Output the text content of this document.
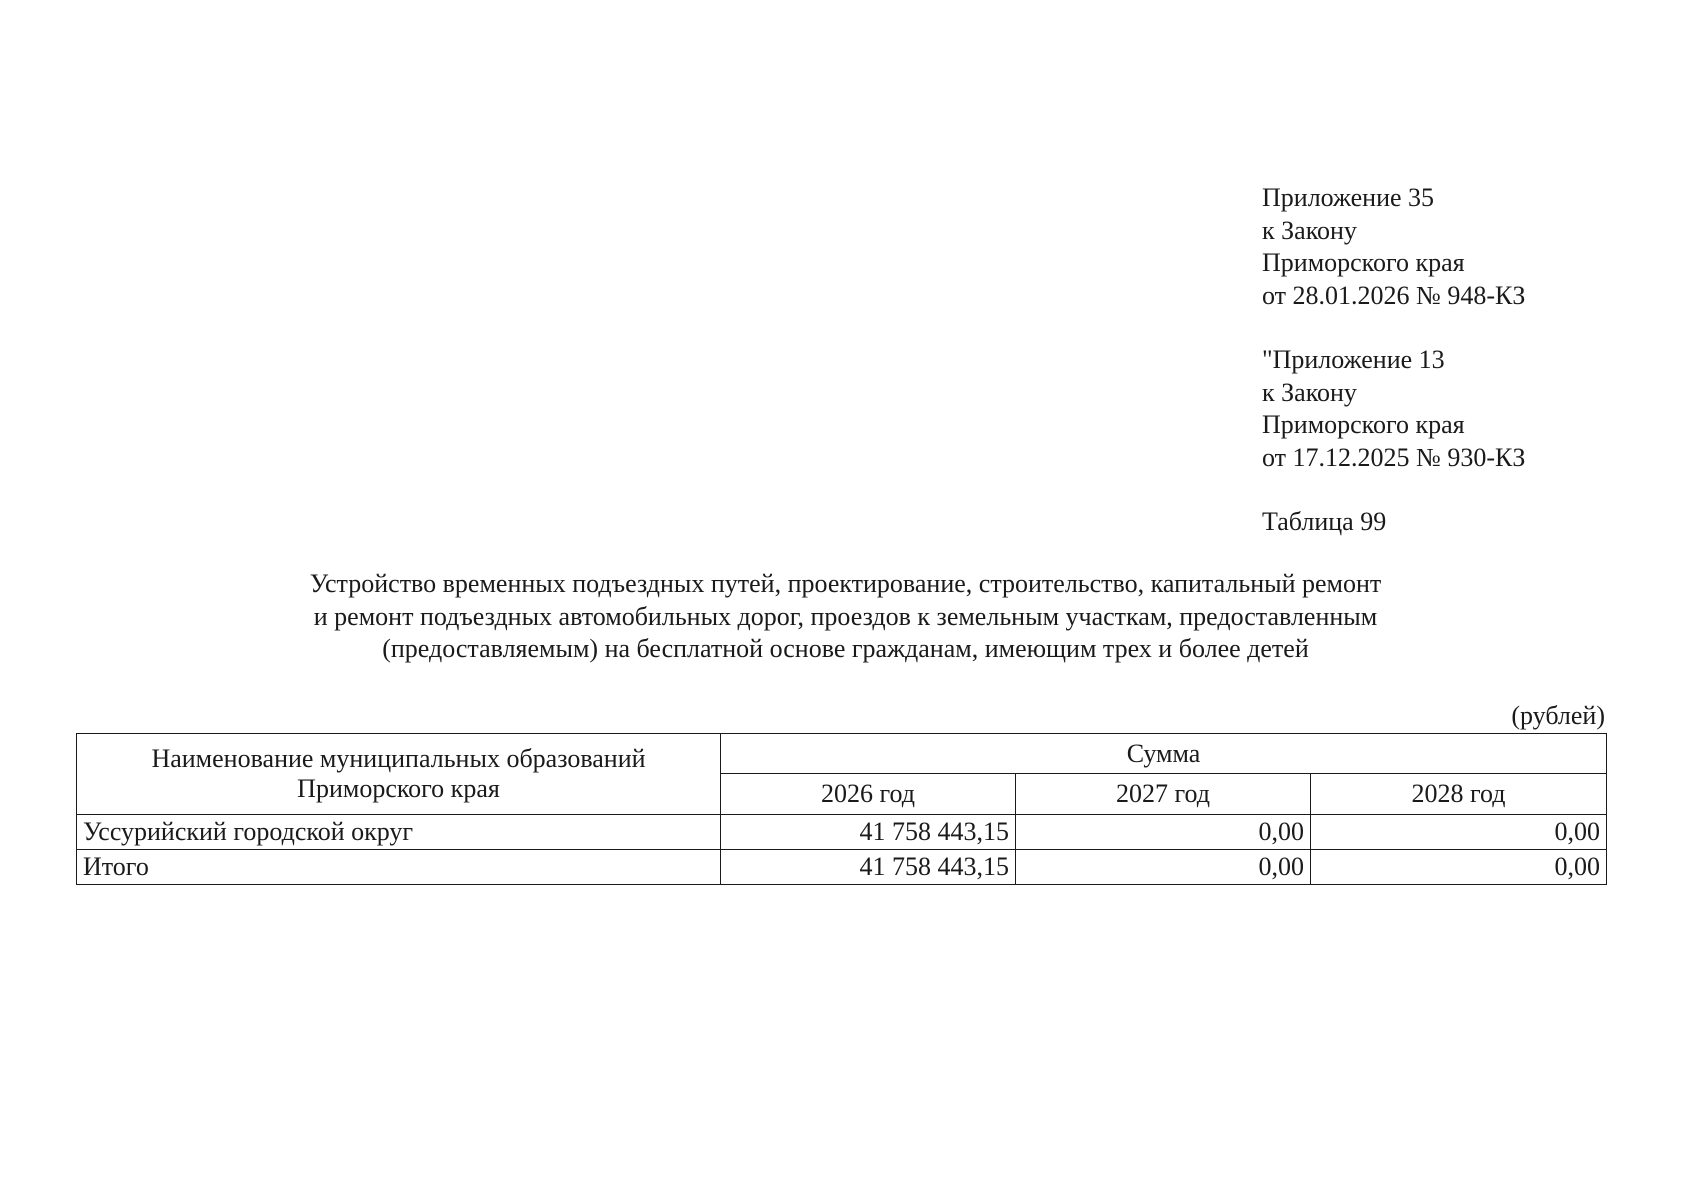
Приложение 35
к Закону
Приморского края
от 28.01.2026 № 948-КЗ
"Приложение 13
к Закону
Приморского края
от 17.12.2025 № 930-КЗ
Таблица 99
Устройство временных подъездных путей, проектирование, строительство, капитальный ремонт
и ремонт подъездных автомобильных дорог, проездов к земельным участкам, предоставленным
(предоставляемым) на бесплатной основе гражданам, имеющим трех и более детей
(рублей)
Наименование муниципальных образований Приморского края	Сумма		
	2026 год	2027 год	2028 год
Уссурийский городской округ	41 758 443,15	0,00	0,00
Итого	41 758 443,15	0,00	0,00
